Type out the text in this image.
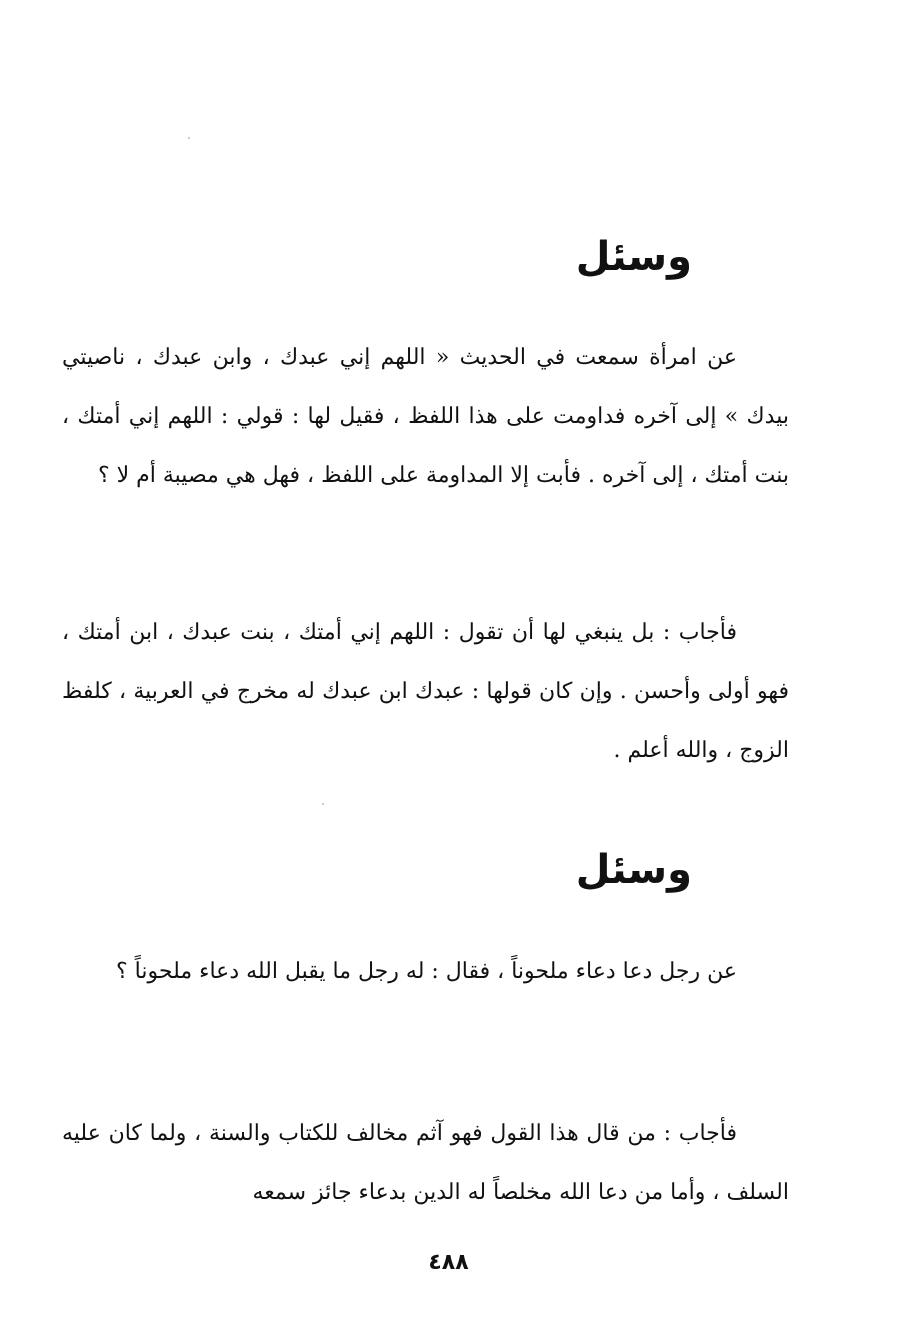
وسئل

عن امرأة سمعت في الحديث « اللهم إني عبدك ، وابن عبدك ، ناصيتي بيدك » إلى آخره فداومت على هذا اللفظ ، فقيل لها : قولي : اللهم إني أمتك ، بنت أمتك ، إلى آخره . فأبت إلا المداومة على اللفظ ، فهل هي مصيبة أم لا ؟

فأجاب : بل ينبغي لها أن تقول : اللهم إني أمتك ، بنت عبدك ، ابن أمتك ، فهو أولى وأحسن . وإن كان قولها : عبدك ابن عبدك له مخرج في العربية ، كلفظ الزوج ، والله أعلم .

وسئل

عن رجل دعا دعاء ملحوناً ، فقال : له رجل ما يقبل الله دعاء ملحوناً ؟

فأجاب : من قال هذا القول فهو آثم مخالف للكتاب والسنة ، ولما كان عليه السلف ، وأما من دعا الله مخلصاً له الدين بدعاء جائز سمعه

٤٨٨
